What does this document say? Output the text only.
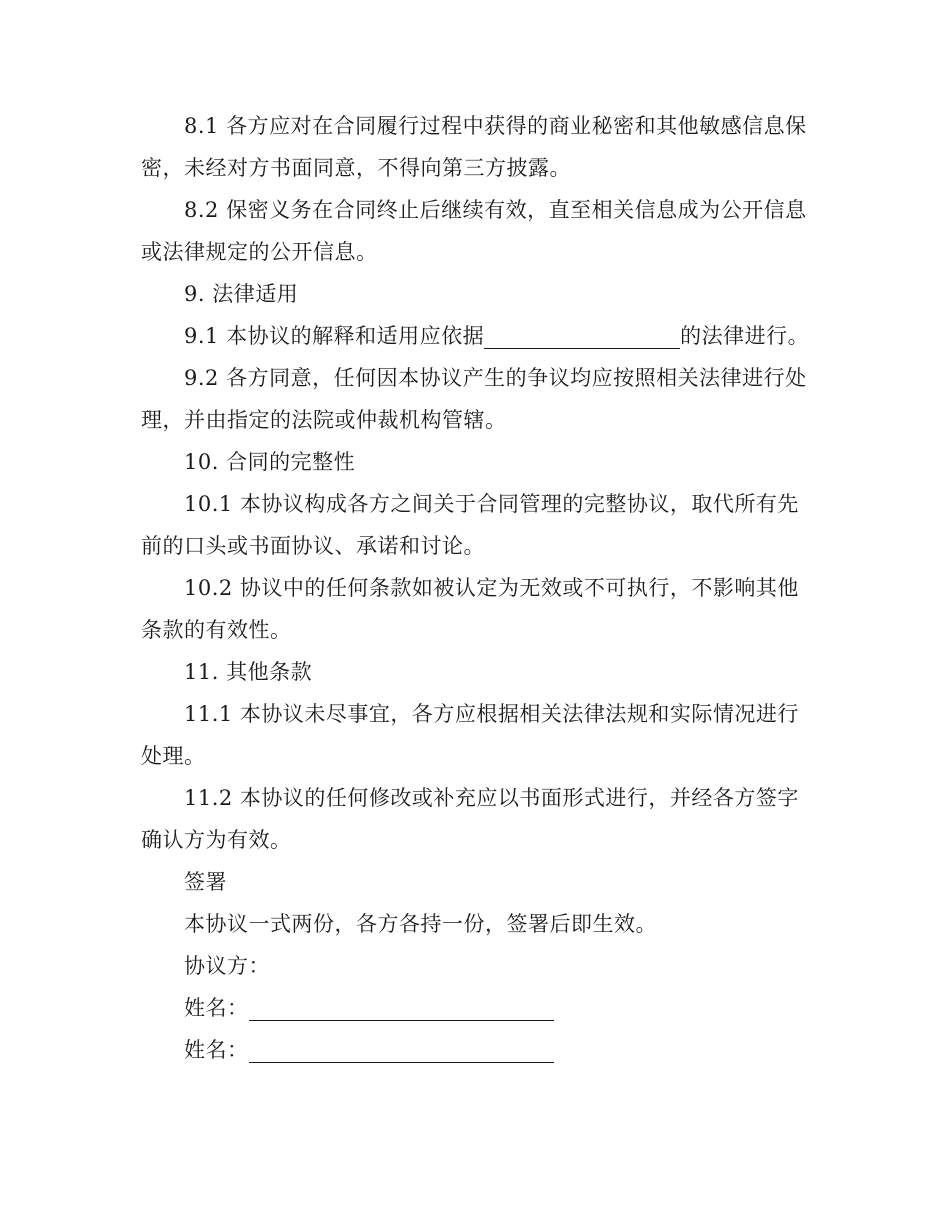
8.1 各方应对在合同履行过程中获得的商业秘密和其他敏感信息保密，未经对方书面同意，不得向第三方披露。

8.2 保密义务在合同终止后继续有效，直至相关信息成为公开信息或法律规定的公开信息。

9. 法律适用

9.1 本协议的解释和适用应依据	的法律进行。

9.2 各方同意，任何因本协议产生的争议均应按照相关法律进行处理，并由指定的法院或仲裁机构管辖。

10. 合同的完整性

10.1 本协议构成各方之间关于合同管理的完整协议，取代所有先前的口头或书面协议、承诺和讨论。

10.2 协议中的任何条款如被认定为无效或不可执行，不影响其他条款的有效性。

11. 其他条款

11.1 本协议未尽事宜，各方应根据相关法律法规和实际情况进行处理。

11.2 本协议的任何修改或补充应以书面形式进行，并经各方签字确认方为有效。

签署

本协议一式两份，各方各持一份，签署后即生效。

协议方：

姓名：

姓名：
